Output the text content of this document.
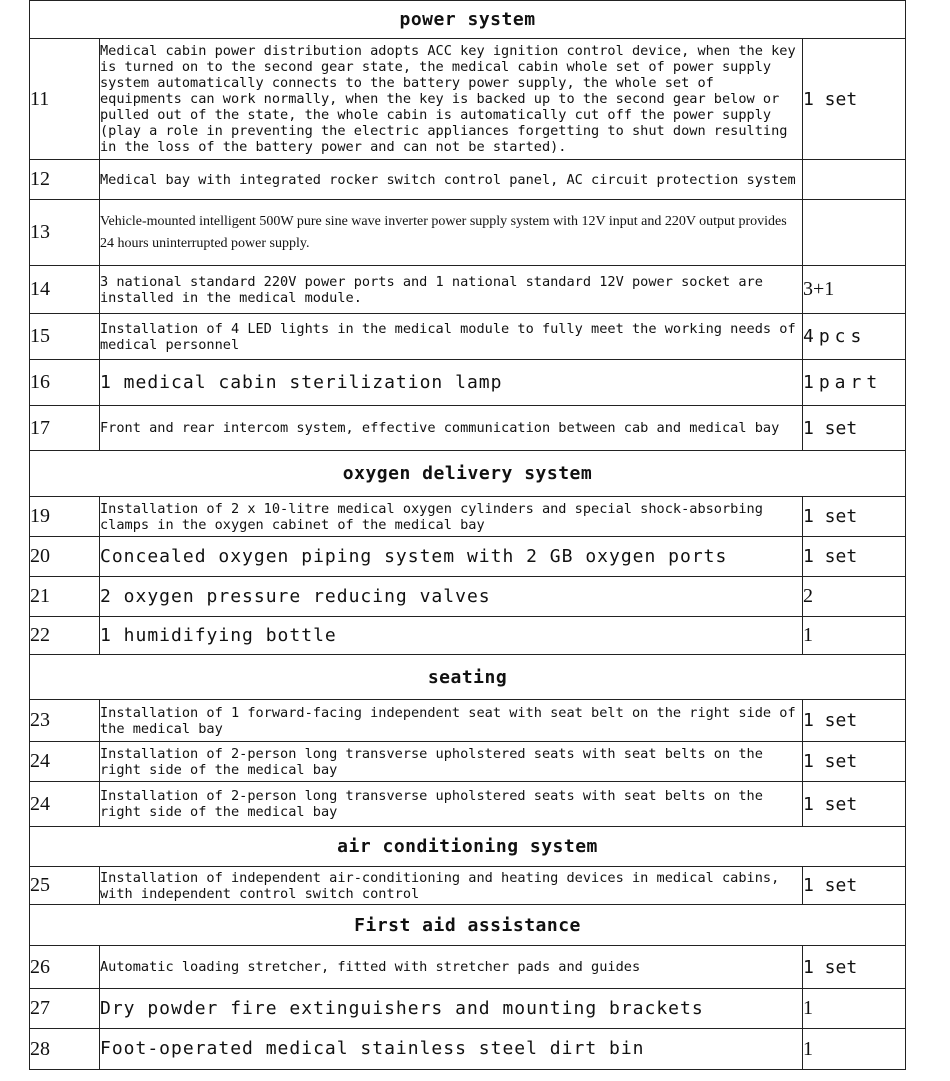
power system		
11	Medical cabin power distribution adopts ACC key ignition control device, when the key is turned on to the second gear state, the medical cabin whole set of power supply system automatically connects to the battery power supply, the whole set of equipments can work normally, when the key is backed up to the second gear below or pulled out of the state, the whole cabin is automatically cut off the power supply (play a role in preventing the electric appliances forgetting to shut down resulting in the loss of the battery power and can not be started).	1 set
12	Medical bay with integrated rocker switch control panel, AC circuit protection system	
13	Vehicle-mounted intelligent 500W pure sine wave inverter power supply system with 12V input and 220V output provides 24 hours uninterrupted power supply.	
14	3 national standard 220V power ports and 1 national standard 12V power socket are installed in the medical module.	3+1
15	Installation of 4 LED lights in the medical module to fully meet the working needs of medical personnel	4pcs
16	1 medical cabin sterilization lamp	1part
17	Front and rear intercom system, effective communication between cab and medical bay	1 set
oxygen delivery system		
19	Installation of 2 x 10-litre medical oxygen cylinders and special shock-absorbing clamps in the oxygen cabinet of the medical bay	1 set
20	Concealed oxygen piping system with 2 GB oxygen ports	1 set
21	2 oxygen pressure reducing valves	2
22	1 humidifying bottle	1
seating		
23	Installation of 1 forward-facing independent seat with seat belt on the right side of the medical bay	1 set
24	Installation of 2-person long transverse upholstered seats with seat belts on the right side of the medical bay	1 set
24	Installation of 2-person long transverse upholstered seats with seat belts on the right side of the medical bay	1 set
air conditioning system		
25	Installation of independent air-conditioning and heating devices in medical cabins, with independent control switch control	1 set
First aid assistance		
26	Automatic loading stretcher, fitted with stretcher pads and guides	1 set
27	Dry powder fire extinguishers and mounting brackets	1
28	Foot-operated medical stainless steel dirt bin	1
